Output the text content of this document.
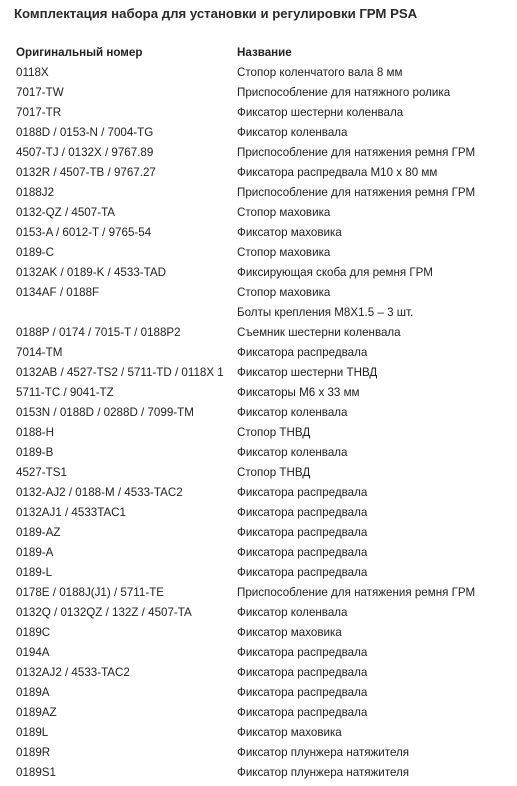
Комплектация набора для установки и регулировки ГРМ PSA
Оригинальный номер	Название
0118X	Стопор коленчатого вала 8 мм
7017-TW	Приспособление для натяжного ролика
7017-TR	Фиксатор шестерни коленвала
0188D / 0153-N / 7004-TG	Фиксатор коленвала
4507-TJ / 0132X / 9767.89	Приспособление для натяжения ремня ГРМ
0132R / 4507-TB / 9767.27	Фиксатора распредвала М10 х 80 мм
0188J2	Приспособление для натяжения ремня ГРМ
0132-QZ / 4507-TA	Стопор маховика
0153-A / 6012-T / 9765-54	Фиксатор маховика
0189-C	Стопор маховика
0132AK / 0189-K / 4533-TAD	Фиксирующая скоба для ремня ГРМ
0134AF / 0188F	Стопор маховика
	Болты крепления М8Х1.5 – 3 шт.
0188P / 0174 / 7015-T / 0188P2	Съемник шестерни коленвала
7014-TM	Фиксатора распредвала
0132AB / 4527-TS2 / 5711-TD / 0118X 1	Фиксатор шестерни ТНВД
5711-TC / 9041-TZ	Фиксаторы М6 х 33 мм
0153N / 0188D / 0288D / 7099-TM	Фиксатор коленвала
0188-H	Стопор ТНВД
0189-B	Фиксатор коленвала
4527-TS1	Стопор ТНВД
0132-AJ2 / 0188-M / 4533-TAC2	Фиксатора распредвала
0132AJ1 / 4533TAC1	Фиксатора распредвала
0189-AZ	Фиксатора распредвала
0189-A	Фиксатора распредвала
0189-L	Фиксатора распредвала
0178E / 0188J(J1) / 5711-TE	Приспособление для натяжения ремня ГРМ
0132Q / 0132QZ / 132Z / 4507-TA	Фиксатор коленвала
0189C	Фиксатор маховика
0194A	Фиксатора распредвала
0132AJ2 / 4533-TAC2	Фиксатора распредвала
0189A	Фиксатора распредвала
0189AZ	Фиксатора распредвала
0189L	Фиксатор маховика
0189R	Фиксатор плунжера натяжителя
0189S1	Фиксатор плунжера натяжителя
